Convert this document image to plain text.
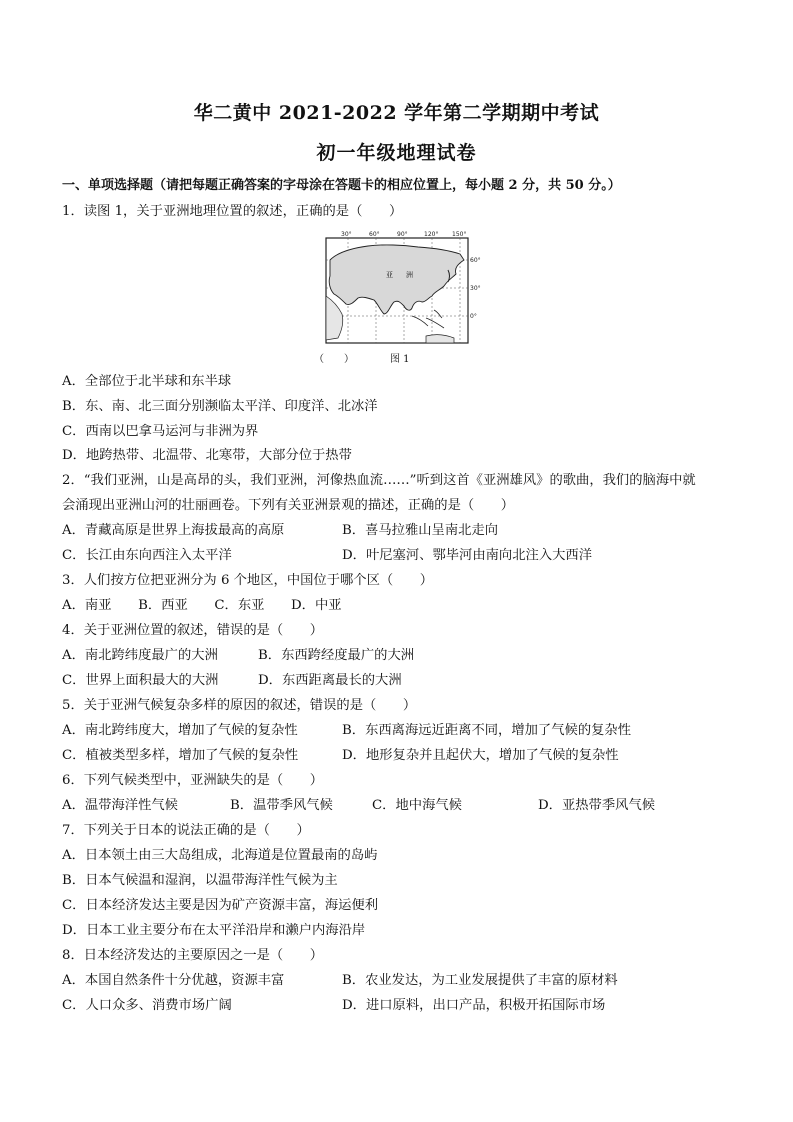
华二黄中 2021-2022 学年第二学期期中考试
初一年级地理试卷
一、单项选择题（请把每题正确答案的字母涂在答题卡的相应位置上，每小题 2 分，共 50 分。）
1．读图 1，关于亚洲地理位置的叙述，正确的是（　　）
30°	60°	90°	120° 150°
60°
30°
0°
亚 洲
（　　）	图 1
A．全部位于北半球和东半球
B．东、南、北三面分别濒临太平洋、印度洋、北冰洋
C．西南以巴拿马运河与非洲为界
D．地跨热带、北温带、北寒带，大部分位于热带
2．“我们亚洲，山是高昂的头，我们亚洲，河像热血流……”听到这首《亚洲雄风》的歌曲，我们的脑海中就
会涌现出亚洲山河的壮丽画卷。下列有关亚洲景观的描述，正确的是（　　）
A．青藏高原是世界上海拔最高的高原	B．喜马拉雅山呈南北走向
C．长江由东向西注入太平洋	D．叶尼塞河、鄂毕河由南向北注入大西洋
3．人们按方位把亚洲分为 6 个地区，中国位于哪个区（　　）
A．南亚　　B．西亚　　C．东亚　　D．中亚
4．关于亚洲位置的叙述，错误的是（　　）
A．南北跨纬度最广的大洲	B．东西跨经度最广的大洲
C．世界上面积最大的大洲	D．东西距离最长的大洲
5．关于亚洲气候复杂多样的原因的叙述，错误的是（　　）
A．南北跨纬度大，增加了气候的复杂性	B．东西离海远近距离不同，增加了气候的复杂性
C．植被类型多样，增加了气候的复杂性	D．地形复杂并且起伏大，增加了气候的复杂性
6．下列气候类型中，亚洲缺失的是（　　）
A．温带海洋性气候	B．温带季风气候	C．地中海气候	D．亚热带季风气候
7．下列关于日本的说法正确的是（　　）
A．日本领土由三大岛组成，北海道是位置最南的岛屿
B．日本气候温和湿润，以温带海洋性气候为主
C．日本经济发达主要是因为矿产资源丰富，海运便利
D．日本工业主要分布在太平洋沿岸和濑户内海沿岸
8．日本经济发达的主要原因之一是（　　）
A．本国自然条件十分优越，资源丰富	B．农业发达，为工业发展提供了丰富的原材料
C．人口众多、消费市场广阔	D．进口原料，出口产品，积极开拓国际市场
